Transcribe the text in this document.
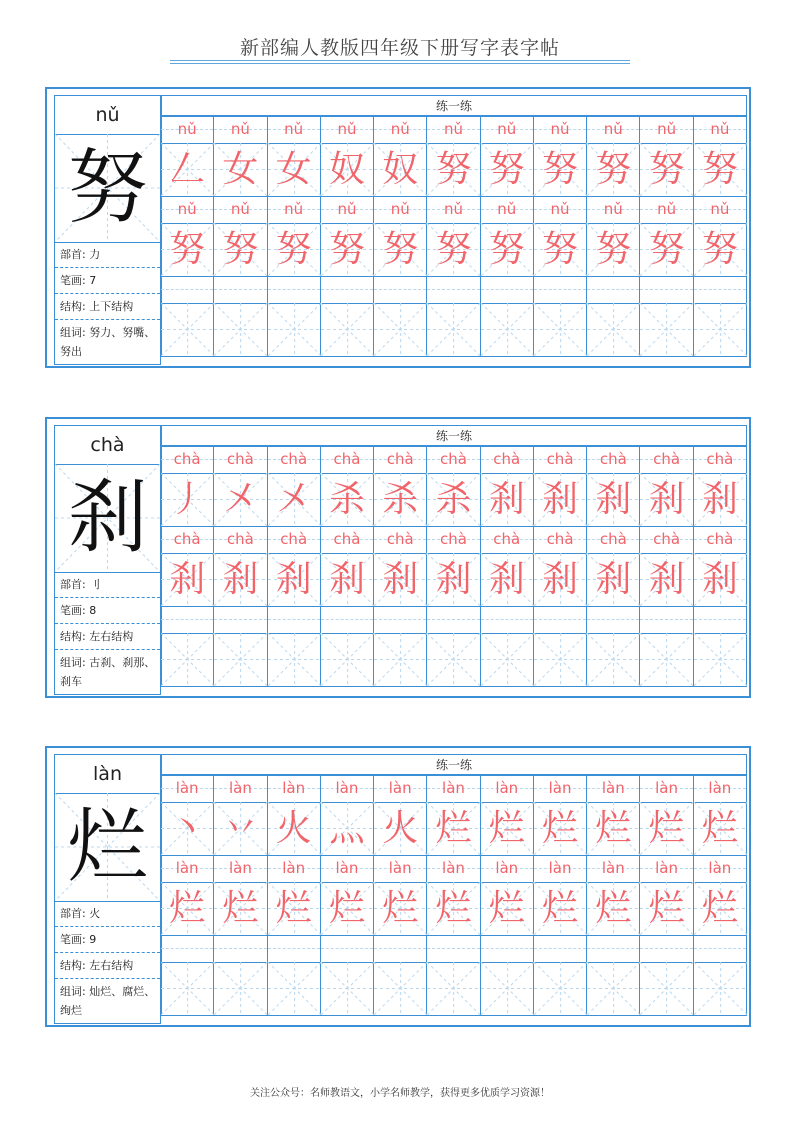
新部编人教版四年级下册写字表字帖
nǔ
努
部首: 力
笔画: 7
结构: 上下结构
组词: 努力、努嘴、努出
练一练
nǔ	nǔ	nǔ	nǔ	nǔ	nǔ	nǔ	nǔ	nǔ	nǔ	nǔ
𠃋 女 女 奴 奴 努 努 努 努 努 努
nǔ	nǔ	nǔ	nǔ	nǔ	nǔ	nǔ	nǔ	nǔ	nǔ	nǔ
努 努 努 努 努 努 努 努 努 努 努
chà
刹
部首: 刂
笔画: 8
结构: 左右结构
组词: 古刹、刹那、刹车
练一练
chà	chà	chà	chà	chà	chà	chà	chà	chà	chà	chà
丿 㐅 㐅 杀 杀 杀 刹 刹 刹 刹 刹
chà	chà	chà	chà	chà	chà	chà	chà	chà	chà	chà
刹 刹 刹 刹 刹 刹 刹 刹 刹 刹 刹
làn
烂
部首: 火
笔画: 9
结构: 左右结构
组词: 灿烂、腐烂、绚烂
练一练
làn	làn	làn	làn	làn	làn	làn	làn	làn	làn	làn
丶 丷 火 灬 火 烂 烂 烂 烂 烂 烂
làn	làn	làn	làn	làn	làn	làn	làn	làn	làn	làn
烂 烂 烂 烂 烂 烂 烂 烂 烂 烂 烂
关注公众号：名师教语文，小学名师教学，获得更多优质学习资源！
